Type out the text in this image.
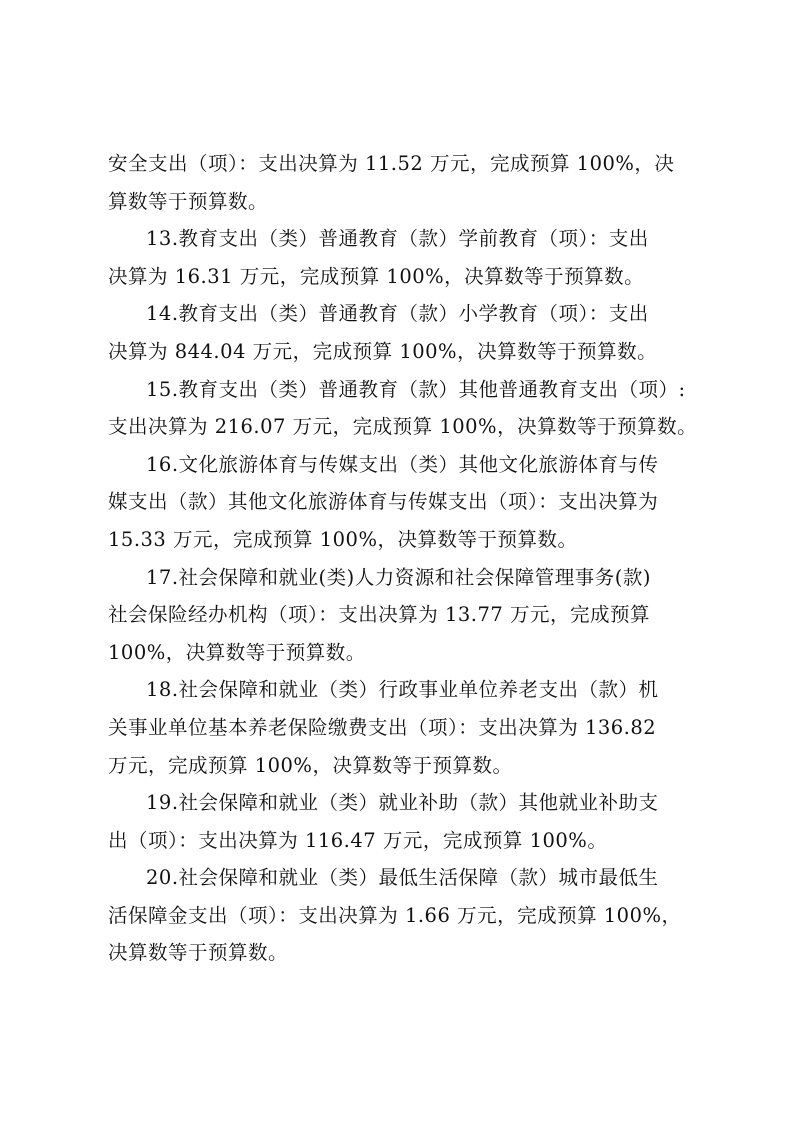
安全支出（项）：支出决算为 11.52 万元，完成预算 100%，决
算数等于预算数。
13.教育支出（类）普通教育（款）学前教育（项）：支出
决算为 16.31 万元，完成预算 100%，决算数等于预算数。
14.教育支出（类）普通教育（款）小学教育（项）：支出
决算为 844.04 万元，完成预算 100%，决算数等于预算数。
15.教育支出（类）普通教育（款）其他普通教育支出（项）:
支出决算为 216.07 万元，完成预算 100%，决算数等于预算数。
16.文化旅游体育与传媒支出（类）其他文化旅游体育与传
媒支出（款）其他文化旅游体育与传媒支出（项）：支出决算为
15.33 万元，完成预算 100%，决算数等于预算数。
17.社会保障和就业(类)人力资源和社会保障管理事务(款)
社会保险经办机构（项）：支出决算为 13.77 万元，完成预算
100%，决算数等于预算数。
18.社会保障和就业（类）行政事业单位养老支出（款）机
关事业单位基本养老保险缴费支出（项）：支出决算为 136.82
万元，完成预算 100%，决算数等于预算数。
19.社会保障和就业（类）就业补助（款）其他就业补助支
出（项）：支出决算为 116.47 万元，完成预算 100%。
20.社会保障和就业（类）最低生活保障（款）城市最低生
活保障金支出（项）：支出决算为 1.66 万元，完成预算 100%，
决算数等于预算数。
